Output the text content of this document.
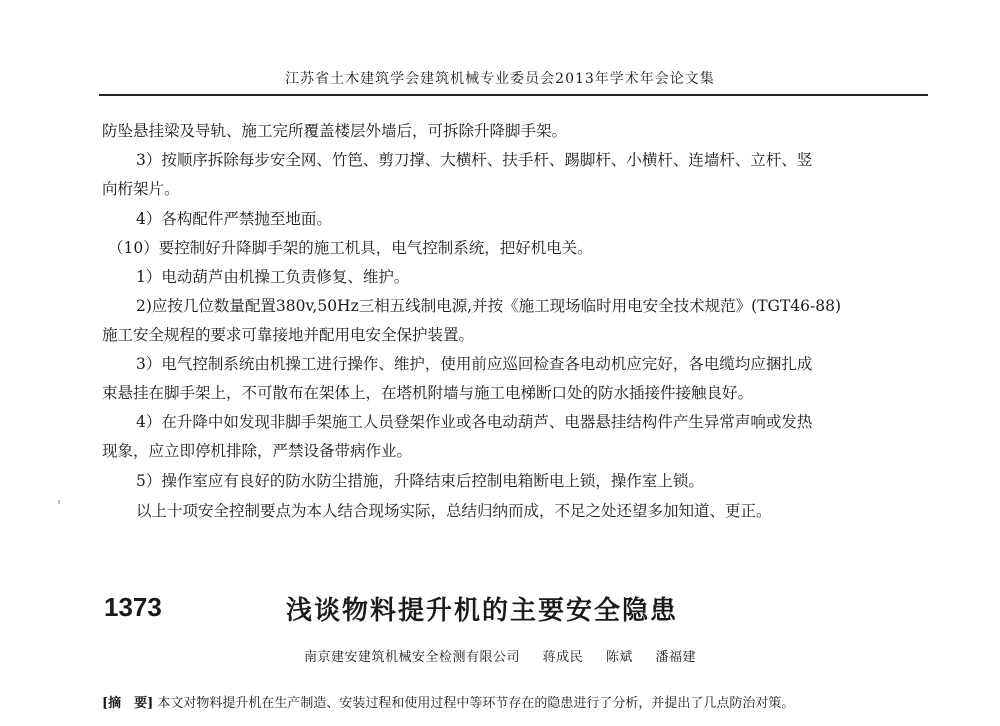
江苏省土木建筑学会建筑机械专业委员会2013年学术年会论文集
防坠悬挂梁及导轨、施工完所覆盖楼层外墙后，可拆除升降脚手架。
3）按顺序拆除每步安全网、竹笆、剪刀撑、大横杆、扶手杆、踢脚杆、小横杆、连墙杆、立杆、竖
向桁架片。
4）各构配件严禁抛至地面。
（10）要控制好升降脚手架的施工机具，电气控制系统，把好机电关。
1）电动葫芦由机操工负责修复、维护。
2)应按几位数量配置380v,50Hz三相五线制电源,并按《施工现场临时用电安全技术规范》(TGT46-88)
施工安全规程的要求可靠接地并配用电安全保护装置。
3）电气控制系统由机操工进行操作、维护，使用前应巡回检查各电动机应完好，各电缆均应捆扎成
束悬挂在脚手架上，不可散布在架体上，在塔机附墙与施工电梯断口处的防水插接件接触良好。
4）在升降中如发现非脚手架施工人员登架作业或各电动葫芦、电器悬挂结构件产生异常声响或发热
现象，应立即停机排除，严禁设备带病作业。
5）操作室应有良好的防水防尘措施，升降结束后控制电箱断电上锁，操作室上锁。
以上十项安全控制要点为本人结合现场实际，总结归纳而成，不足之处还望多加知道、更正。
1373	浅谈物料提升机的主要安全隐患
南京建安建筑机械安全检测有限公司 蒋成民 陈斌 潘福建
[摘　要] 本文对物料提升机在生产制造、安装过程和使用过程中等环节存在的隐患进行了分析，并提出了几点防治对策。
